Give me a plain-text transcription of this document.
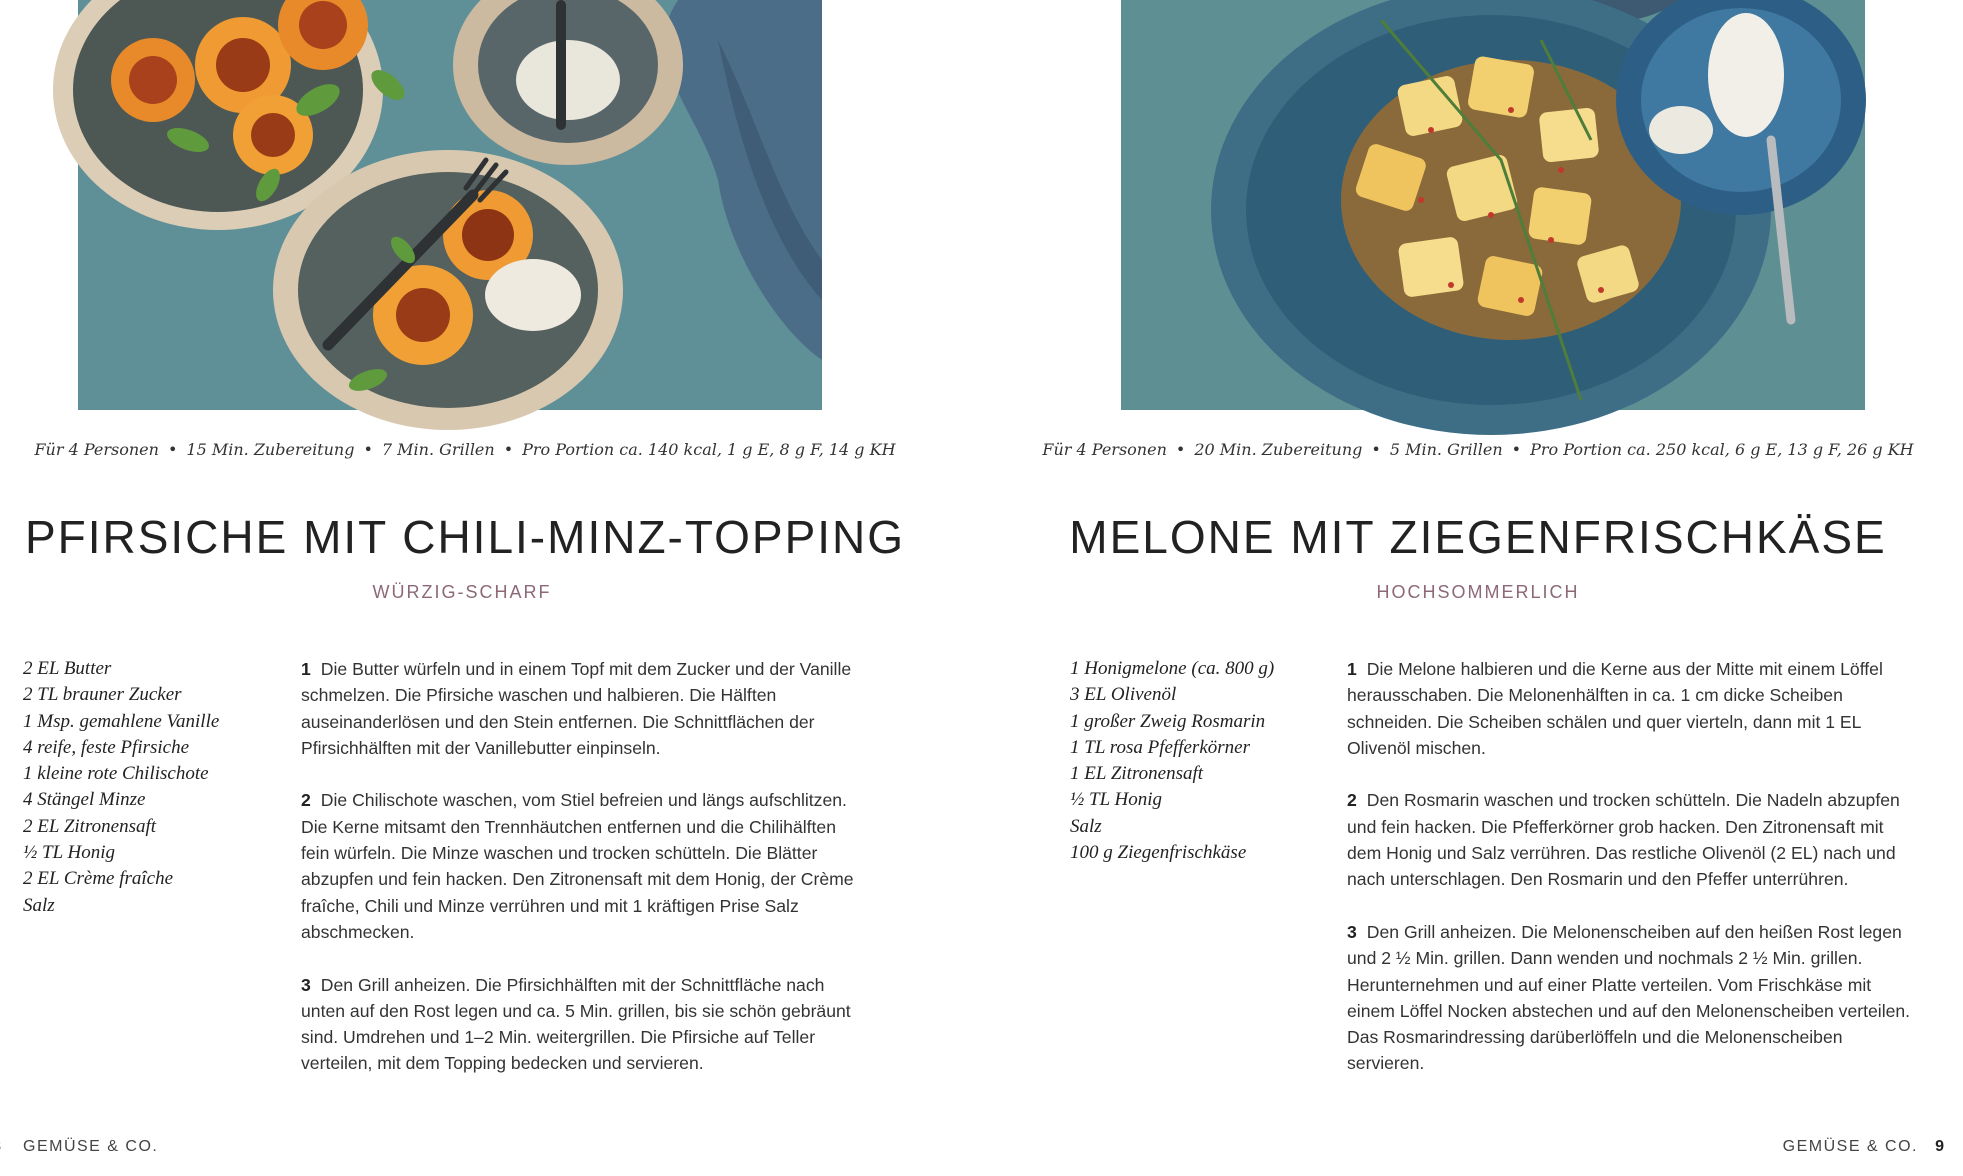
Für 4 Personen • 15 Min. Zubereitung • 7 Min. Grillen • Pro Portion ca. 140 kcal, 1 g E, 8 g F, 14 g KH
PFIRSICHE MIT CHILI-MINZ-TOPPING
WÜRZIG-SCHARF
2 EL Butter
2 TL brauner Zucker
1 Msp. gemahlene Vanille
4 reife, feste Pfirsiche
1 kleine rote Chilischote
4 Stängel Minze
2 EL Zitronensaft
½ TL Honig
2 EL Crème fraîche
Salz

1 Die Butter würfeln und in einem Topf mit dem Zucker und der Vanille schmelzen. Die Pfirsiche waschen und halbieren. Die Hälften auseinanderlösen und den Stein entfernen. Die Schnittflächen der Pfirsichhälften mit der Vanillebutter einpinseln.

2 Die Chilischote waschen, vom Stiel befreien und längs aufschlitzen. Die Kerne mitsamt den Trennhäutchen entfernen und die Chilihälften fein würfeln. Die Minze waschen und trocken schütteln. Die Blätter abzupfen und fein hacken. Den Zitronensaft mit dem Honig, der Crème fraîche, Chili und Minze verrühren und mit 1 kräftigen Prise Salz abschmecken.

3 Den Grill anheizen. Die Pfirsichhälften mit der Schnittfläche nach unten auf den Rost legen und ca. 5 Min. grillen, bis sie schön gebräunt sind. Umdrehen und 1–2 Min. weitergrillen. Die Pfirsiche auf Teller verteilen, mit dem Topping bedecken und servieren.

GEMÜSE & CO.
Für 4 Personen • 20 Min. Zubereitung • 5 Min. Grillen • Pro Portion ca. 250 kcal, 6 g E, 13 g F, 26 g KH
MELONE MIT ZIEGENFRISCHKÄSE
HOCHSOMMERLICH
1 Honigmelone (ca. 800 g)
3 EL Olivenöl
1 großer Zweig Rosmarin
1 TL rosa Pfefferkörner
1 EL Zitronensaft
½ TL Honig
Salz
100 g Ziegenfrischkäse

1 Die Melone halbieren und die Kerne aus der Mitte mit einem Löffel herausschaben. Die Melonenhälften in ca. 1 cm dicke Scheiben schneiden. Die Scheiben schälen und quer vierteln, dann mit 1 EL Olivenöl mischen.

2 Den Rosmarin waschen und trocken schütteln. Die Nadeln abzupfen und fein hacken. Die Pfefferkörner grob hacken. Den Zitronensaft mit dem Honig und Salz verrühren. Das restliche Olivenöl (2 EL) nach und nach unterschlagen. Den Rosmarin und den Pfeffer unterrühren.

3 Den Grill anheizen. Die Melonenscheiben auf den heißen Rost legen und 2 ½ Min. grillen. Dann wenden und nochmals 2 ½ Min. grillen. Herunternehmen und auf einer Platte verteilen. Vom Frischkäse mit einem Löffel Nocken abstechen und auf den Melonenscheiben verteilen. Das Rosmarindressing darüberlöffeln und die Melonenscheiben servieren.

GEMÜSE & CO. 9
